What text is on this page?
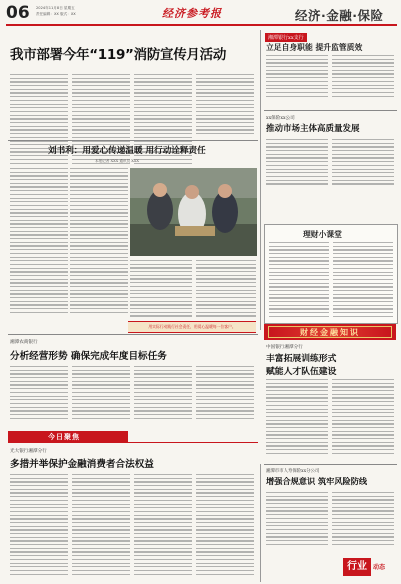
06 2024年11月8日 星期五
责任编辑：XX 版式：XX	经济参考报	经济·金融·保险
我市部署今年“119”消防宣传月活动
湘潭银行xx支行
立足自身职能 提升监管质效
xx保险xx公司
推动市场主体高质量发展
刘书利：用爱心传递温暖 用行动诠释责任
本报记者 XXX 通讯员 XXX
用实际行动践行社会责任，用爱心温暖每一位客户。
理财小课堂
财经金融知识
中国银行湘潭分行
丰富拓展训练形式
赋能人才队伍建设
湘潭农商银行
分析经营形势 确保完成年度目标任务
今日聚焦
光大银行湘潭分行
多措并举保护金融消费者合法权益
湘潭市市人寿保险xx分公司
增强合规意识 筑牢风险防线
行业	动态
